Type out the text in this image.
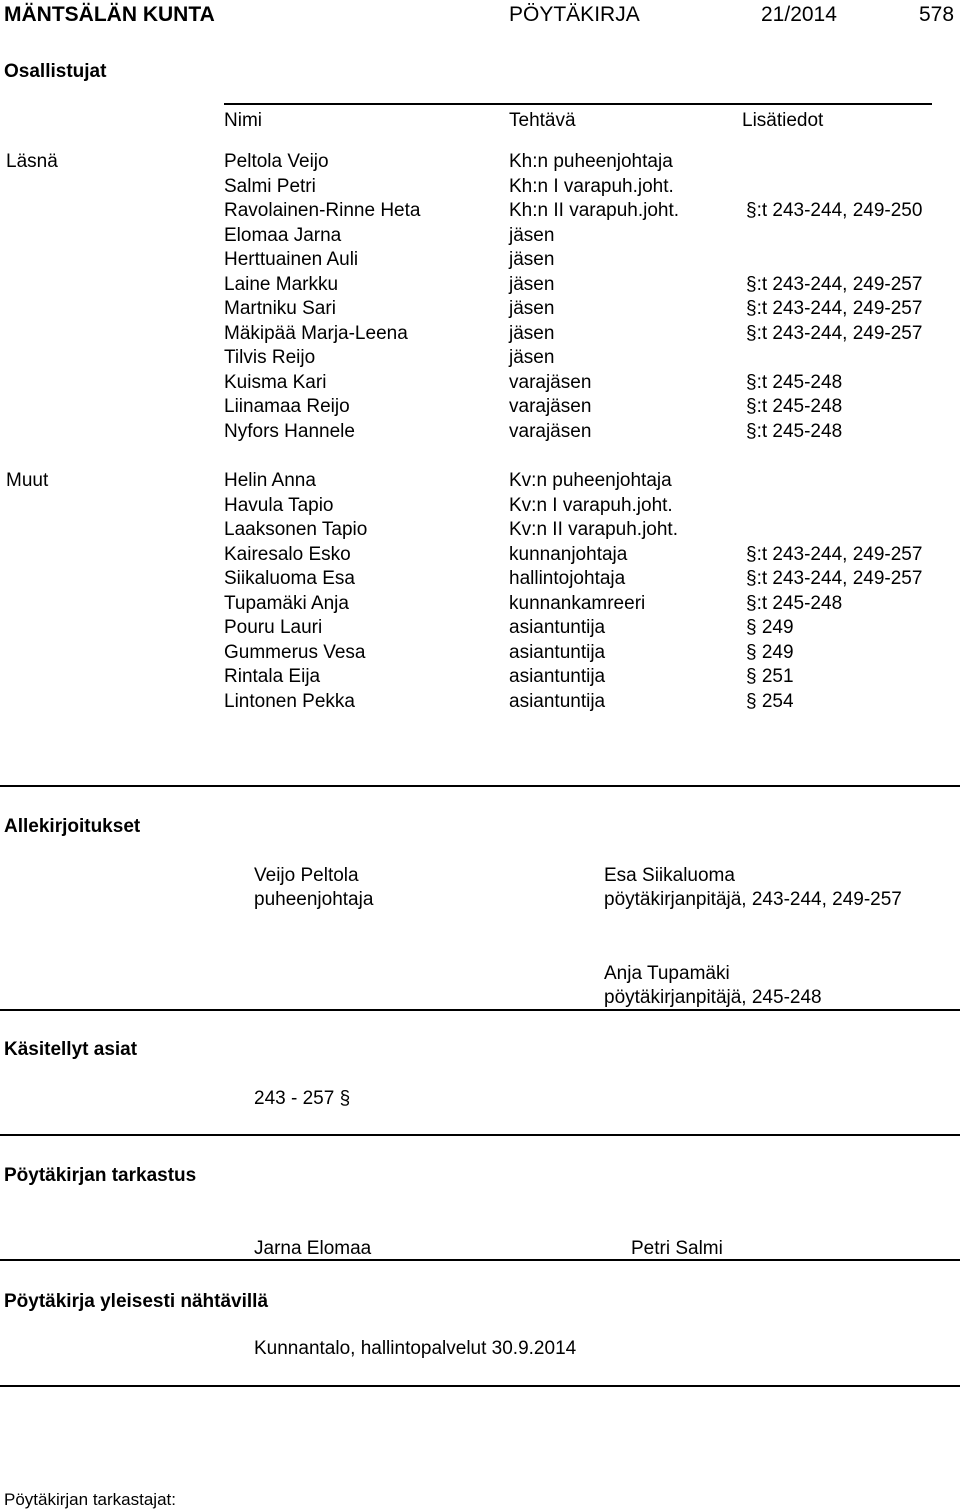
MÄNTSÄLÄN KUNTA	PÖYTÄKIRJA	21/2014	578
Osallistujat
Nimi	Tehtävä	Lisätiedot
Läsnä	Peltola Veijo	Kh:n puheenjohtaja
Salmi Petri	Kh:n I varapuh.joht.
Ravolainen-Rinne Heta	Kh:n II varapuh.joht.	§:t 243-244, 249-250
Elomaa Jarna	jäsen
Herttuainen Auli	jäsen
Laine Markku	jäsen	§:t 243-244, 249-257
Martniku Sari	jäsen	§:t 243-244, 249-257
Mäkipää Marja-Leena	jäsen	§:t 243-244, 249-257
Tilvis Reijo	jäsen
Kuisma Kari	varajäsen	§:t 245-248
Liinamaa Reijo	varajäsen	§:t 245-248
Nyfors Hannele	varajäsen	§:t 245-248
Muut	Helin Anna	Kv:n puheenjohtaja
Havula Tapio	Kv:n I varapuh.joht.
Laaksonen Tapio	Kv:n II varapuh.joht.
Kairesalo Esko	kunnanjohtaja	§:t 243-244, 249-257
Siikaluoma Esa	hallintojohtaja	§:t 243-244, 249-257
Tupamäki Anja	kunnankamreeri	§:t 245-248
Pouru Lauri	asiantuntija	§ 249
Gummerus Vesa	asiantuntija	§ 249
Rintala Eija	asiantuntija	§ 251
Lintonen Pekka	asiantuntija	§ 254
Allekirjoitukset
Veijo Peltola
puheenjohtaja
Esa Siikaluoma
pöytäkirjanpitäjä, 243-244, 249-257
Anja Tupamäki
pöytäkirjanpitäjä, 245-248
Käsitellyt asiat
243 - 257 §
Pöytäkirjan tarkastus
Jarna Elomaa	Petri Salmi
Pöytäkirja yleisesti nähtävillä
Kunnantalo, hallintopalvelut 30.9.2014
Pöytäkirjan tarkastajat:
